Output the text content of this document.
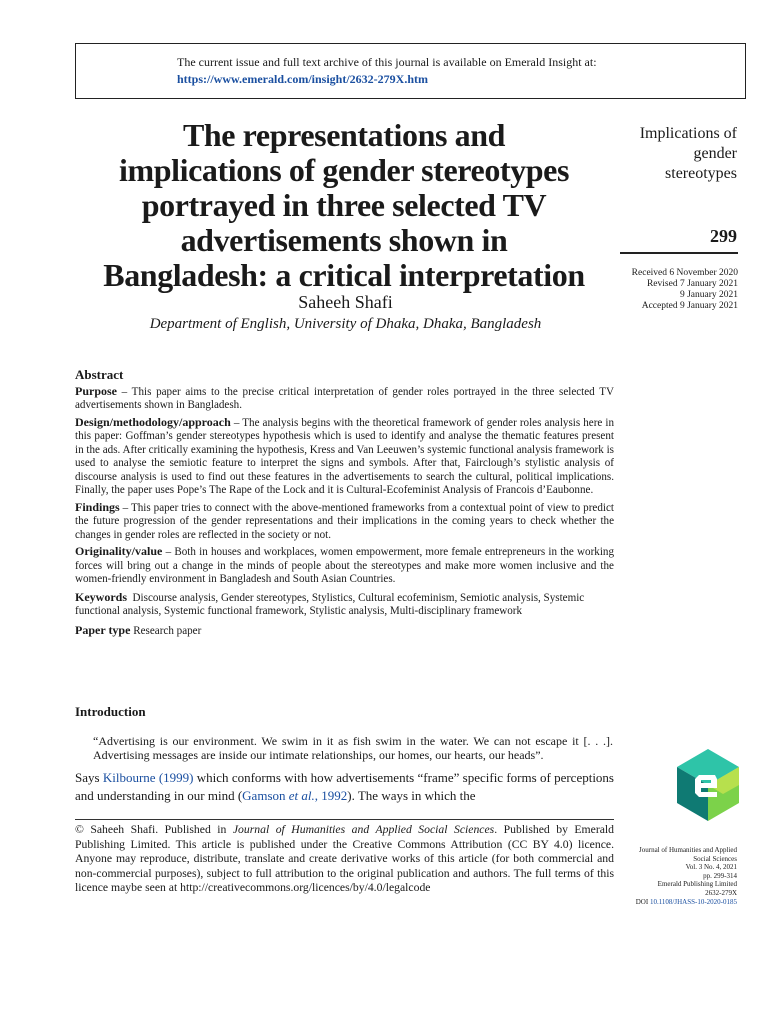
The current issue and full text archive of this journal is available on Emerald Insight at:
https://www.emerald.com/insight/2632-279X.htm
The representations and
implications of gender stereotypes
portrayed in three selected TV
advertisements shown in
Bangladesh: a critical interpretation
Saheeh Shafi
Department of English, University of Dhaka, Dhaka, Bangladesh
Implications of
gender
stereotypes
299
Received 6 November 2020
Revised 7 January 2021
9 January 2021
Accepted 9 January 2021
Abstract

Purpose – This paper aims to the precise critical interpretation of gender roles portrayed in the three selected TV advertisements shown in Bangladesh.

Design/methodology/approach – The analysis begins with the theoretical framework of gender roles analysis here in this paper: Goffman’s gender stereotypes hypothesis which is used to identify and analyse the thematic features present in the ads. After critically examining the hypothesis, Kress and Van Leeuwen’s systemic functional analysis framework is used to analyse the semiotic feature to interpret the signs and symbols. After that, Fairclough’s stylistic analysis of discourse analysis is used to find out these features in the advertisements to search the cultural, political implications. Finally, the paper uses Pope’s The Rape of the Lock and it is Cultural-Ecofeminist Analysis of Francois d’Eaubonne.

Findings – This paper tries to connect with the above-mentioned frameworks from a contextual point of view to predict the future progression of the gender representations and their implications in the coming years to check whether the changes in gender roles are reflected in the society or not.

Originality/value – Both in houses and workplaces, women empowerment, more female entrepreneurs in the working forces will bring out a change in the minds of people about the stereotypes and make more women inclusive and the women-friendly environment in Bangladesh and South Asian Countries.

Keywords Discourse analysis, Gender stereotypes, Stylistics, Cultural ecofeminism, Semiotic analysis, Systemic functional analysis, Systemic functional framework, Stylistic analysis, Multi-disciplinary framework

Paper type Research paper

Introduction
“Advertising is our environment. We swim in it as fish swim in the water. We can not escape it [. . .]. Advertising messages are inside our intimate relationships, our homes, our hearts, our heads”.
Says Kilbourne (1999) which conforms with how advertisements “frame” specific forms of perceptions and understanding in our mind (Gamson et al., 1992). The ways in which the
© Saheeh Shafi. Published in Journal of Humanities and Applied Social Sciences. Published by Emerald Publishing Limited. This article is published under the Creative Commons Attribution (CC BY 4.0) licence. Anyone may reproduce, distribute, translate and create derivative works of this article (for both commercial and non-commercial purposes), subject to full attribution to the original publication and authors. The full terms of this licence maybe seen at http://creativecommons.org/licences/by/4.0/legalcode
Journal of Humanities and Applied
Social Sciences
Vol. 3 No. 4, 2021
pp. 299-314
Emerald Publishing Limited
2632-279X
DOI 10.1108/JHASS-10-2020-0185
